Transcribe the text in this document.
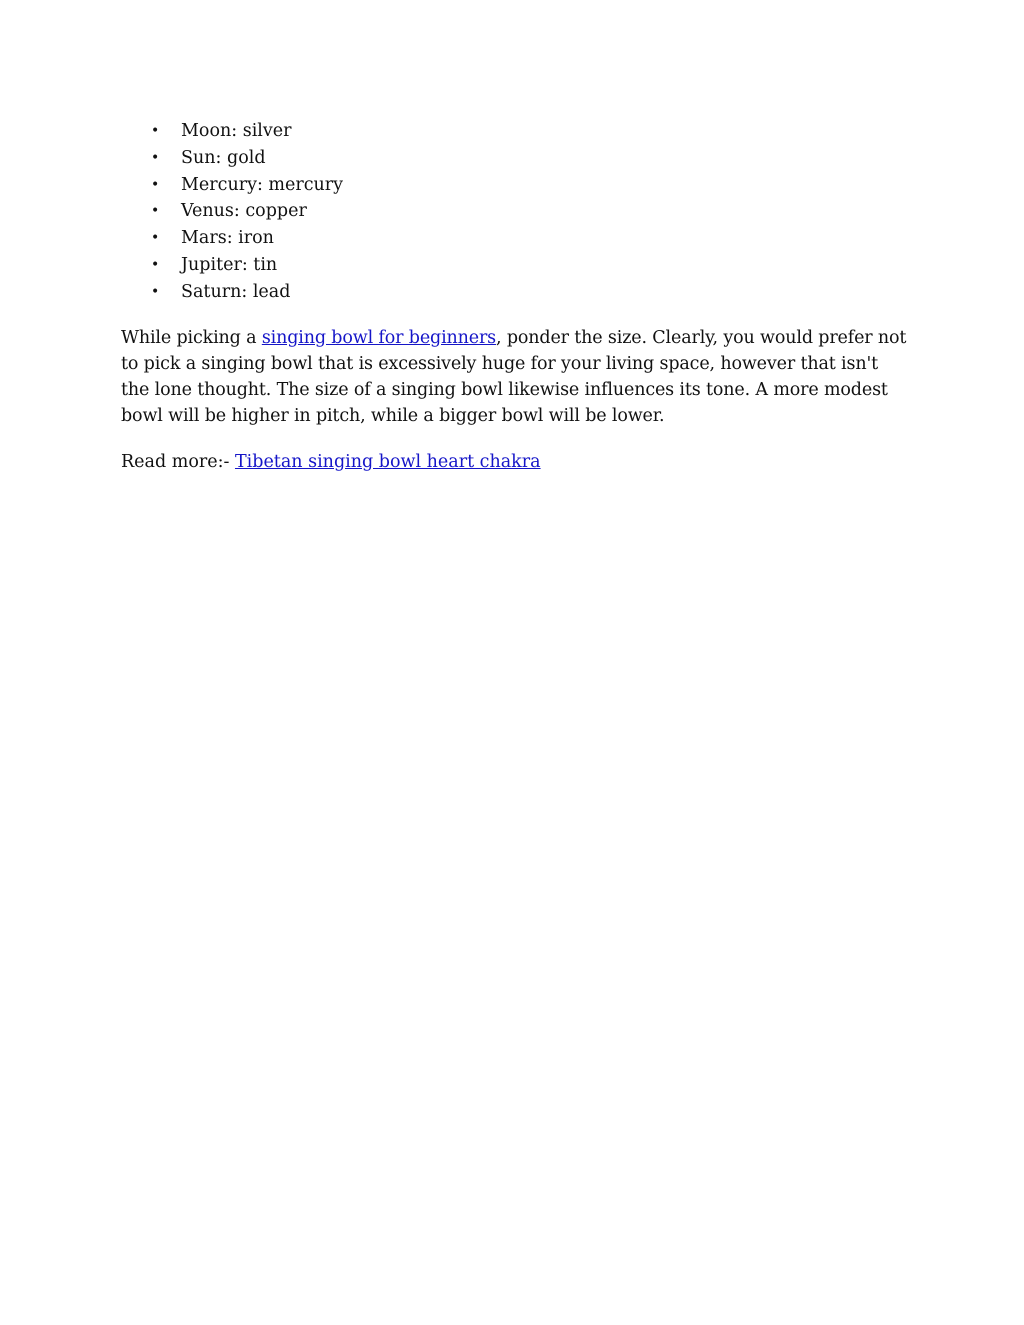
• Moon: silver
• Sun: gold
• Mercury: mercury
• Venus: copper
• Mars: iron
• Jupiter: tin
• Saturn: lead

While picking a singing bowl for beginners, ponder the size. Clearly, you would prefer not to pick a singing bowl that is excessively huge for your living space, however that isn't the lone thought. The size of a singing bowl likewise influences its tone. A more modest bowl will be higher in pitch, while a bigger bowl will be lower.

Read more:- Tibetan singing bowl heart chakra
